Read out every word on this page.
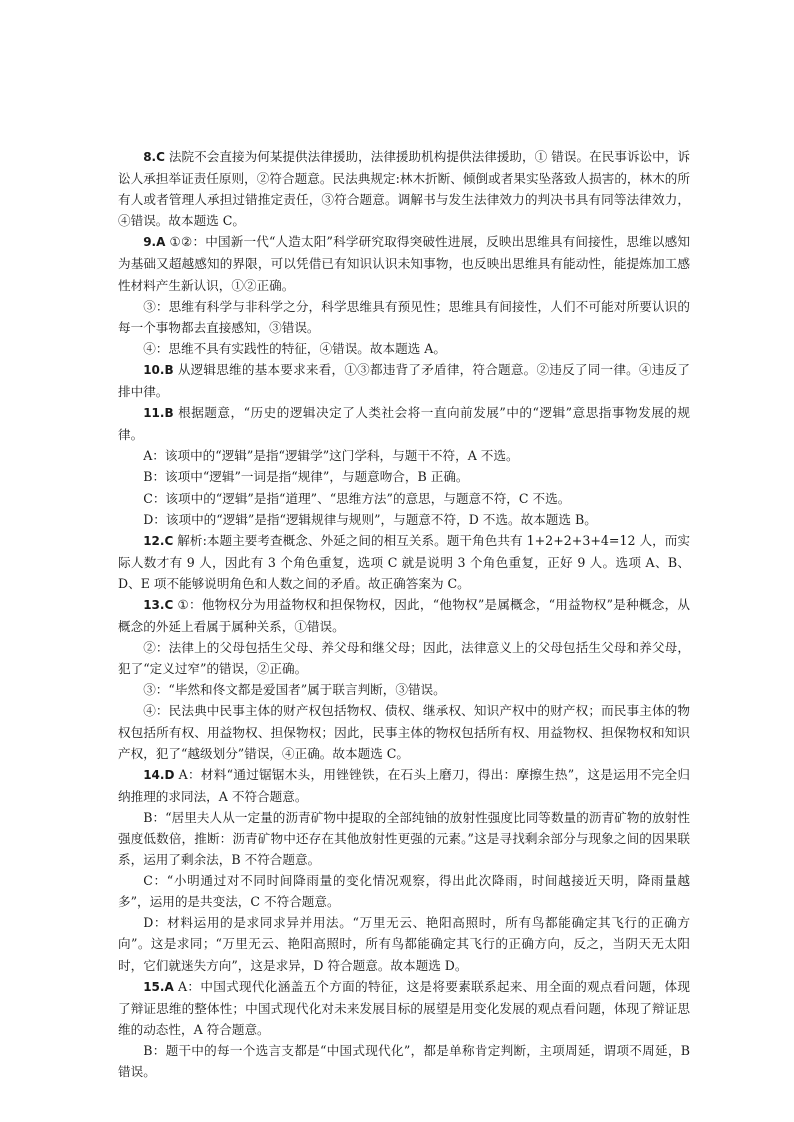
8.C 法院不会直接为何某提供法律援助，法律援助机构提供法律援助，① 错误。在民事诉讼中，诉讼人承担举证责任原则，②符合题意。民法典规定:林木折断、倾倒或者果实坠落致人损害的，林木的所有人或者管理人承担过错推定责任，③符合题意。调解书与发生法律效力的判决书具有同等法律效力，④错误。故本题选 C。

9.A ①②：中国新一代“人造太阳”科学研究取得突破性进展，反映出思维具有间接性，思维以感知为基础又超越感知的界限，可以凭借已有知识认识未知事物，也反映出思维具有能动性，能提炼加工感性材料产生新认识，①②正确。

③：思维有科学与非科学之分，科学思维具有预见性；思维具有间接性，人们不可能对所要认识的每一个事物都去直接感知，③错误。

④：思维不具有实践性的特征，④错误。故本题选 A。

10.B 从逻辑思维的基本要求来看，①③都违背了矛盾律，符合题意。②违反了同一律。④违反了排中律。

11.B 根据题意，“历史的逻辑决定了人类社会将一直向前发展”中的“逻辑”意思指事物发展的规律。

A：该项中的“逻辑”是指“逻辑学”这门学科，与题干不符，A 不选。

B：该项中“逻辑”一词是指“规律”，与题意吻合，B 正确。

C：该项中的“逻辑”是指“道理”、“思维方法”的意思，与题意不符，C 不选。

D：该项中的“逻辑”是指“逻辑规律与规则”，与题意不符，D 不选。故本题选 B。

12.C 解析:本题主要考查概念、外延之间的相互关系。题干角色共有 1+2+2+3+4=12 人，而实际人数才有 9 人，因此有 3 个角色重复，选项 C 就是说明 3 个角色重复，正好 9 人。选项 A、B、D、E 项不能够说明角色和人数之间的矛盾。故正确答案为 C。

13.C ①：他物权分为用益物权和担保物权，因此，“他物权”是属概念，“用益物权”是种概念，从概念的外延上看属于属种关系，①错误。

②：法律上的父母包括生父母、养父母和继父母；因此，法律意义上的父母包括生父母和养父母，犯了“定义过窄”的错误，②正确。

③：“毕然和佟文都是爱国者”属于联言判断，③错误。

④：民法典中民事主体的财产权包括物权、债权、继承权、知识产权中的财产权；而民事主体的物权包括所有权、用益物权、担保物权；因此，民事主体的物权包括所有权、用益物权、担保物权和知识产权，犯了“越级划分”错误，④正确。故本题选 C。

14.D A：材料“通过锯锯木头，用锉锉铁，在石头上磨刀，得出：摩擦生热”，这是运用不完全归纳推理的求同法，A 不符合题意。

B：“居里夫人从一定量的沥青矿物中提取的全部纯铀的放射性强度比同等数量的沥青矿物的放射性强度低数倍，推断：沥青矿物中还存在其他放射性更强的元素。”这是寻找剩余部分与现象之间的因果联系，运用了剩余法，B 不符合题意。

C：“小明通过对不同时间降雨量的变化情况观察，得出此次降雨，时间越接近天明，降雨量越多”，运用的是共变法，C 不符合题意。

D：材料运用的是求同求异并用法。“万里无云、艳阳高照时，所有鸟都能确定其飞行的正确方向”。这是求同；“万里无云、艳阳高照时，所有鸟都能确定其飞行的正确方向，反之，当阴天无太阳时，它们就迷失方向”，这是求异，D 符合题意。故本题选 D。

15.A A：中国式现代化涵盖五个方面的特征，这是将要素联系起来、用全面的观点看问题，体现了辩证思维的整体性；中国式现代化对未来发展目标的展望是用变化发展的观点看问题，体现了辩证思维的动态性，A 符合题意。

B：题干中的每一个选言支都是“中国式现代化”，都是单称肯定判断，主项周延，谓项不周延，B 错误。
